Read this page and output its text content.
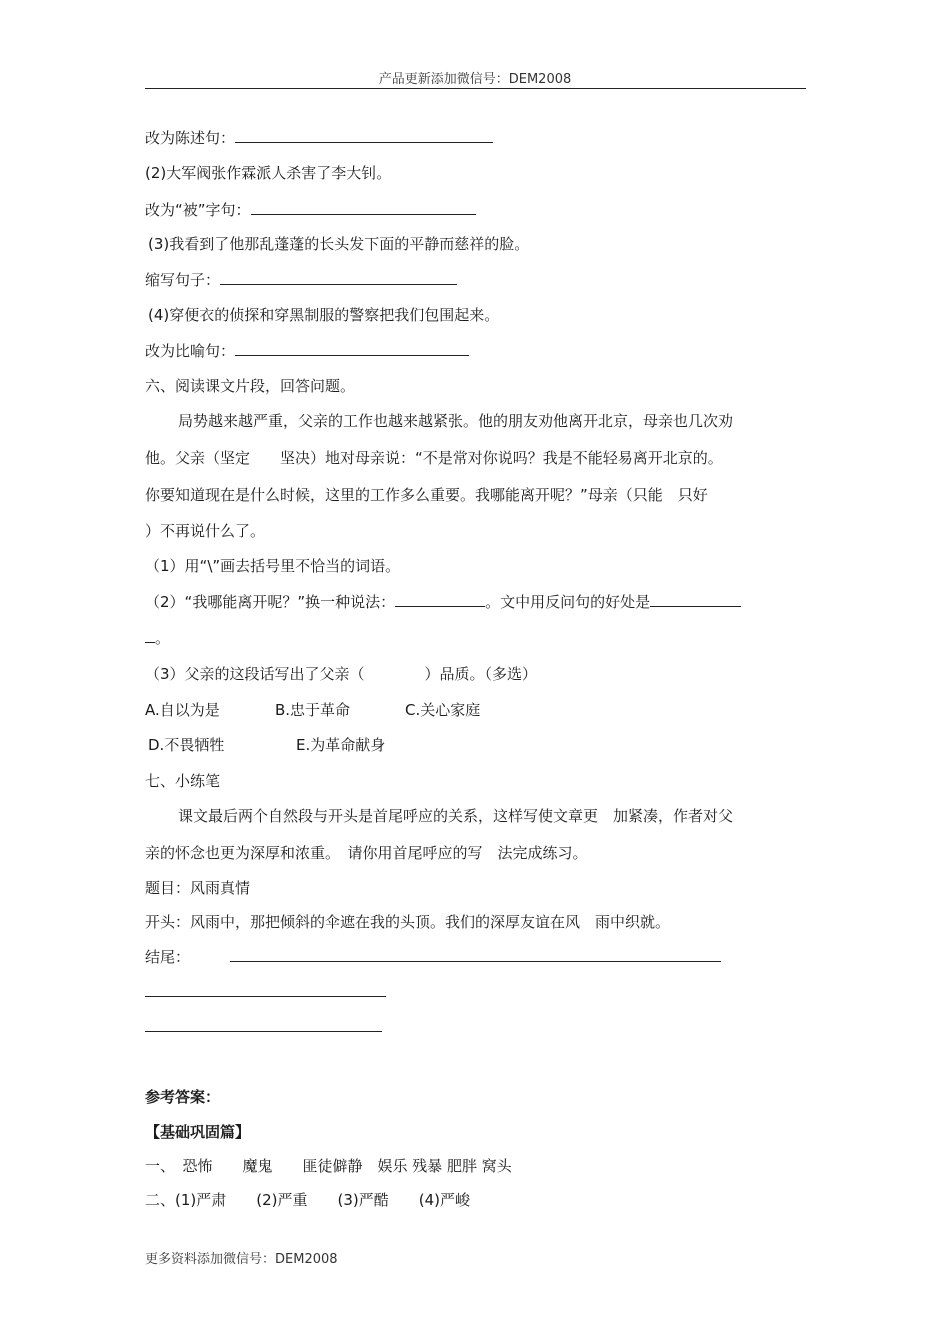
产品更新添加微信号：DEM2008
改为陈述句：
(2)大军阀张作霖派人杀害了李大钊。
改为“被”字句：
(3)我看到了他那乱蓬蓬的长头发下面的平静而慈祥的脸。
缩写句子：
(4)穿便衣的侦探和穿黑制服的警察把我们包围起来。
改为比喻句：
六、阅读课文片段，回答问题。
局势越来越严重，父亲的工作也越来越紧张。他的朋友劝他离开北京，母亲也几次劝
他。父亲（坚定　　坚决）地对母亲说：“不是常对你说吗？我是不能轻易离开北京的。
你要知道现在是什么时候，这里的工作多么重要。我哪能离开呢？”母亲（只能　只好
）不再说什么了。
（1）用“\”画去括号里不恰当的词语。
（2）“我哪能离开呢？”换一种说法：	。文中用反问句的好处是
。
（3）父亲的这段话写出了父亲（　　　　）品质。（多选）
A.自以为是	B.忠于革命	C.关心家庭
D.不畏牺牲	E.为革命献身
七、小练笔
课文最后两个自然段与开头是首尾呼应的关系，这样写使文章更　加紧凑，作者对父
亲的怀念也更为深厚和浓重。　请你用首尾呼应的写　法完成练习。
题目：风雨真情
开头：风雨中，那把倾斜的伞遮在我的头顶。我们的深厚友谊在风　雨中织就。
结尾：
参考答案：
【基础巩固篇】
一、　恐怖　　魔鬼　　匪徒僻静　娱乐 残暴 肥胖 窝头
二、(1)严肃　　(2)严重　　(3)严酷　　(4)严峻
更多资料添加微信号：DEM2008
